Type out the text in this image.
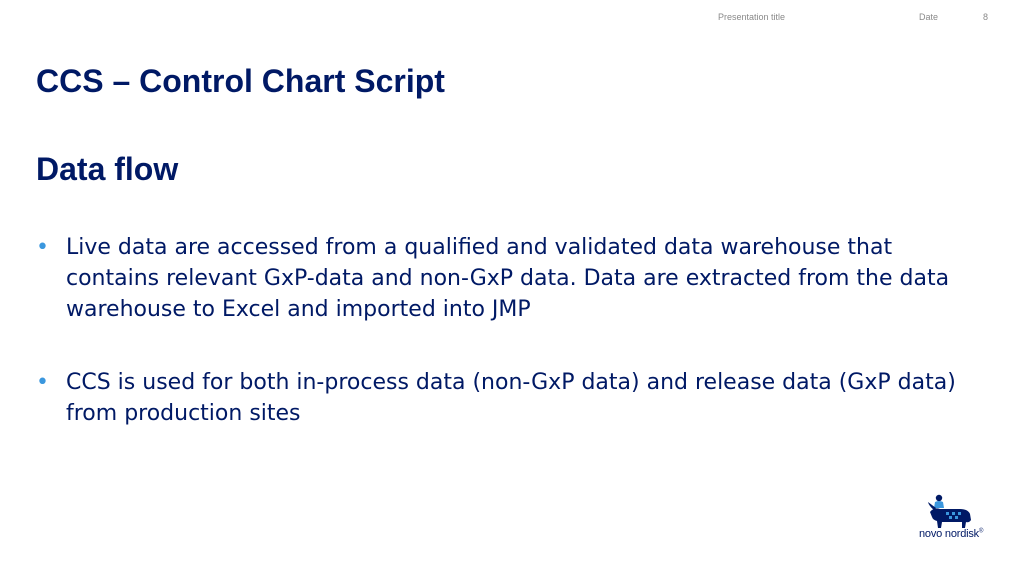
Presentation title	Date	8
CCS – Control Chart Script
Data flow
• Live data are accessed from a qualified and validated data warehouse that contains relevant GxP-data and non-GxP data. Data are extracted from the data warehouse to Excel and imported into JMP
• CCS is used for both in-process data (non-GxP data) and release data (GxP data) from production sites
novo nordisk®
